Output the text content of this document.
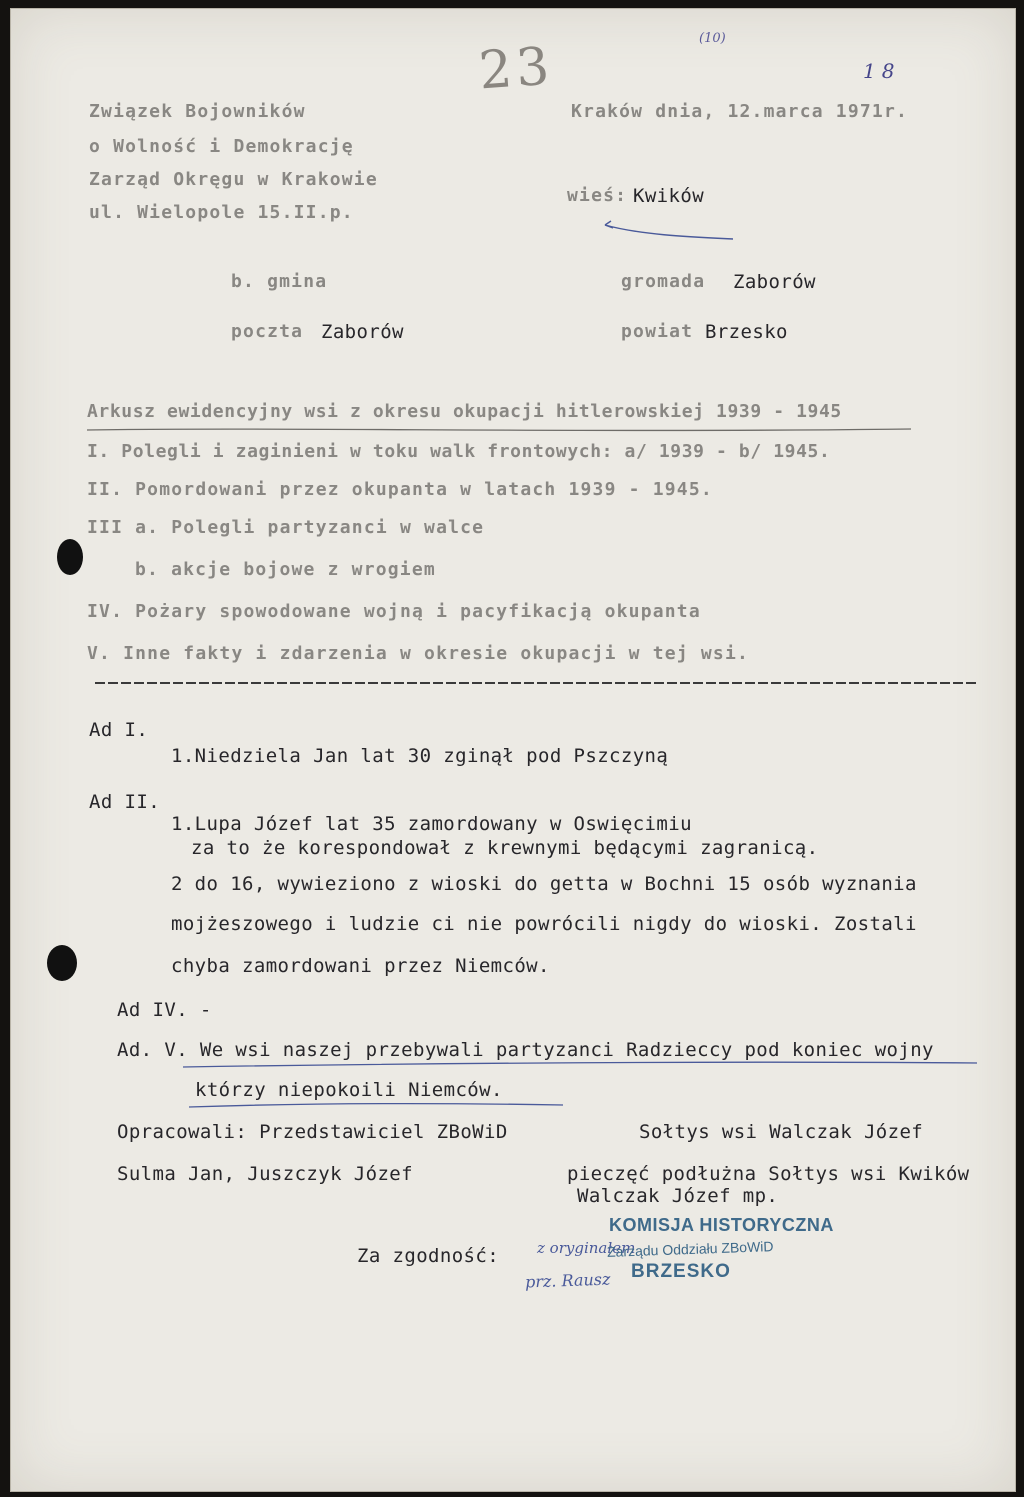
23	(10)
18
Związek Bojowników
o Wolność i Demokrację
Zarząd Okręgu w Krakowie
ul. Wielopole 15.II.p.
Kraków dnia, 12.marca 1971r.
wieś: Kwików
b. gmina	gromada Zaborów
poczta Zaborów	powiat Brzesko
Arkusz ewidencyjny wsi z okresu okupacji hitlerowskiej 1939 - 1945
I. Polegli i zaginieni w toku walk frontowych: a/ 1939 - b/ 1945.
II. Pomordowani przez okupanta w latach 1939 - 1945.
III a. Polegli partyzanci w walce
b. akcje bojowe z wrogiem
IV. Pożary spowodowane wojną i pacyfikacją okupanta
V. Inne fakty i zdarzenia w okresie okupacji w tej wsi.
Ad I.
1.Niedziela Jan lat 30 zginął pod Pszczyną
Ad II.
1.Lupa Józef lat 35 zamordowany w Oswięcimiu
za to że korespondował z krewnymi będącymi zagranicą.
2 do 16, wywieziono z wioski do getta w Bochni 15 osób wyznania
mojżeszowego i ludzie ci nie powrócili nigdy do wioski. Zostali
chyba zamordowani przez Niemców.
Ad IV. -
Ad. V. We wsi naszej przebywali partyzanci Radzieccy pod koniec wojny
którzy niepokoili Niemców.
Opracowali: Przedstawiciel ZBoWiD	Sołtys wsi Walczak Józef
Sulma Jan, Juszczyk Józef	pieczęć podłużna Sołtys wsi Kwików
Walczak Józef mp.
Za zgodność:	z oryginałem
prz. Rausz
KOMISJA HISTORYCZNA
Zarządu Oddziału ZBoWiD
BRZESKO
